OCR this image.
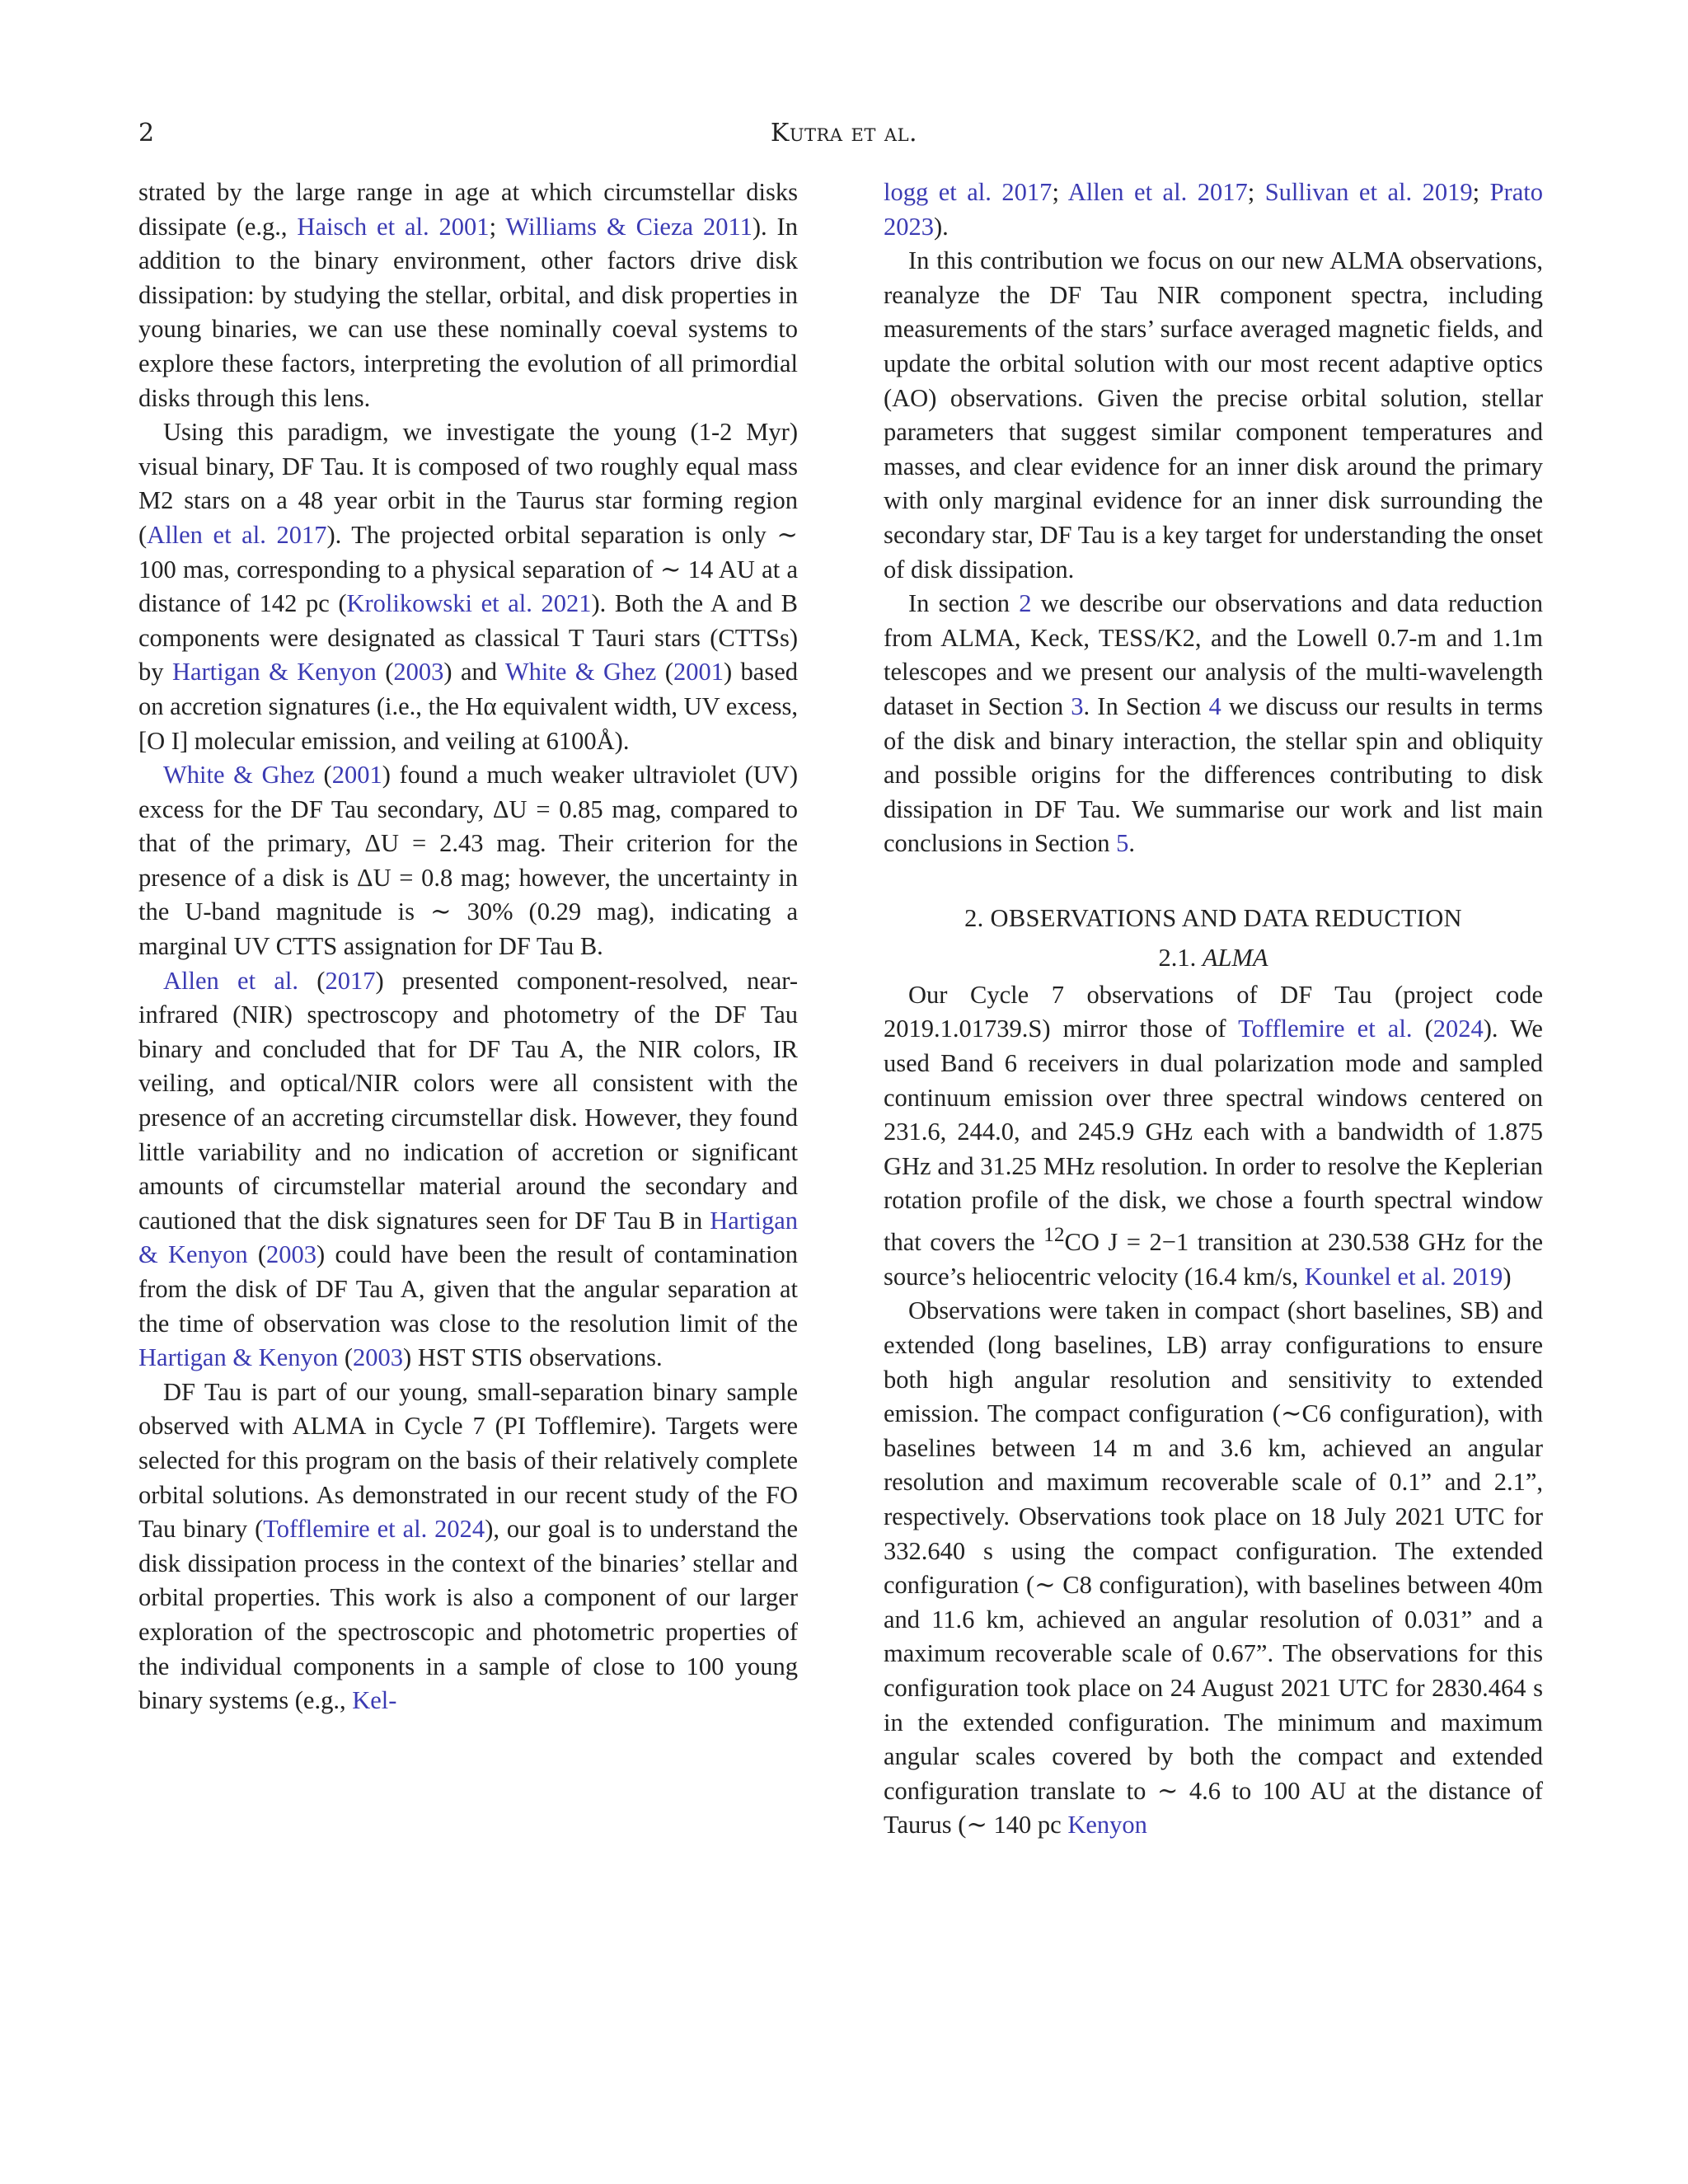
2	Kutra et al.

strated by the large range in age at which circumstellar disks dissipate (e.g., Haisch et al. 2001; Williams & Cieza 2011). In addition to the binary environment, other factors drive disk dissipation: by studying the stellar, orbital, and disk properties in young binaries, we can use these nominally coeval systems to explore these factors, interpreting the evolution of all primordial disks through this lens.

Using this paradigm, we investigate the young (1-2 Myr) visual binary, DF Tau. It is composed of two roughly equal mass M2 stars on a 48 year orbit in the Taurus star forming region (Allen et al. 2017). The projected orbital separation is only ∼ 100 mas, corresponding to a physical separation of ∼ 14 AU at a distance of 142 pc (Krolikowski et al. 2021). Both the A and B components were designated as classical T Tauri stars (CTTSs) by Hartigan & Kenyon (2003) and White & Ghez (2001) based on accretion signatures (i.e., the Hα equivalent width, UV excess, [O I] molecular emission, and veiling at 6100Å).

White & Ghez (2001) found a much weaker ultraviolet (UV) excess for the DF Tau secondary, ΔU = 0.85 mag, compared to that of the primary, ΔU = 2.43 mag. Their criterion for the presence of a disk is ΔU = 0.8 mag; however, the uncertainty in the U-band magnitude is ∼ 30% (0.29 mag), indicating a marginal UV CTTS assignation for DF Tau B.

Allen et al. (2017) presented component-resolved, near-infrared (NIR) spectroscopy and photometry of the DF Tau binary and concluded that for DF Tau A, the NIR colors, IR veiling, and optical/NIR colors were all consistent with the presence of an accreting circumstellar disk. However, they found little variability and no indication of accretion or significant amounts of circumstellar material around the secondary and cautioned that the disk signatures seen for DF Tau B in Hartigan & Kenyon (2003) could have been the result of contamination from the disk of DF Tau A, given that the angular separation at the time of observation was close to the resolution limit of the Hartigan & Kenyon (2003) HST STIS observations.

DF Tau is part of our young, small-separation binary sample observed with ALMA in Cycle 7 (PI Tofflemire). Targets were selected for this program on the basis of their relatively complete orbital solutions. As demonstrated in our recent study of the FO Tau binary (Tofflemire et al. 2024), our goal is to understand the disk dissipation process in the context of the binaries’ stellar and orbital properties. This work is also a component of our larger exploration of the spectroscopic and photometric properties of the individual components in a sample of close to 100 young binary systems (e.g., Kel-

logg et al. 2017; Allen et al. 2017; Sullivan et al. 2019; Prato 2023).

In this contribution we focus on our new ALMA observations, reanalyze the DF Tau NIR component spectra, including measurements of the stars’ surface averaged magnetic fields, and update the orbital solution with our most recent adaptive optics (AO) observations. Given the precise orbital solution, stellar parameters that suggest similar component temperatures and masses, and clear evidence for an inner disk around the primary with only marginal evidence for an inner disk surrounding the secondary star, DF Tau is a key target for understanding the onset of disk dissipation.

In section 2 we describe our observations and data reduction from ALMA, Keck, TESS/K2, and the Lowell 0.7-m and 1.1m telescopes and we present our analysis of the multi-wavelength dataset in Section 3. In Section 4 we discuss our results in terms of the disk and binary interaction, the stellar spin and obliquity and possible origins for the differences contributing to disk dissipation in DF Tau. We summarise our work and list main conclusions in Section 5.

2. OBSERVATIONS AND DATA REDUCTION
2.1. ALMA

Our Cycle 7 observations of DF Tau (project code 2019.1.01739.S) mirror those of Tofflemire et al. (2024). We used Band 6 receivers in dual polarization mode and sampled continuum emission over three spectral windows centered on 231.6, 244.0, and 245.9 GHz each with a bandwidth of 1.875 GHz and 31.25 MHz resolution. In order to resolve the Keplerian rotation profile of the disk, we chose a fourth spectral window that covers the $^{12}$CO J = 2−1 transition at 230.538 GHz for the source’s heliocentric velocity (16.4 km/s, Kounkel et al. 2019)

Observations were taken in compact (short baselines, SB) and extended (long baselines, LB) array configurations to ensure both high angular resolution and sensitivity to extended emission. The compact configuration (∼C6 configuration), with baselines between 14 m and 3.6 km, achieved an angular resolution and maximum recoverable scale of 0.1” and 2.1”, respectively. Observations took place on 18 July 2021 UTC for 332.640 s using the compact configuration. The extended configuration (∼ C8 configuration), with baselines between 40m and 11.6 km, achieved an angular resolution of 0.031” and a maximum recoverable scale of 0.67”. The observations for this configuration took place on 24 August 2021 UTC for 2830.464 s in the extended configuration. The minimum and maximum angular scales covered by both the compact and extended configuration translate to ∼ 4.6 to 100 AU at the distance of Taurus (∼ 140 pc Kenyon
